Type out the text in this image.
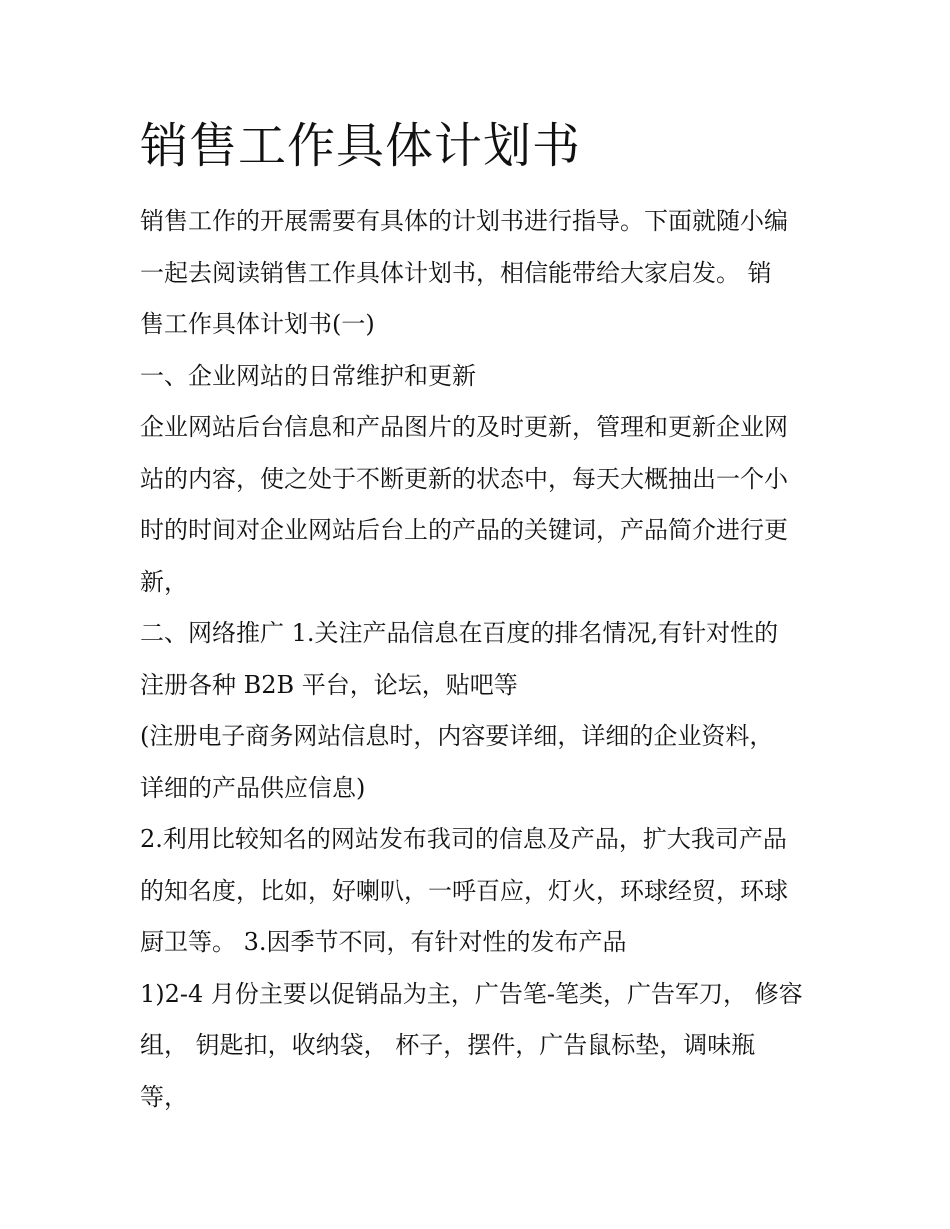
销售工作具体计划书
销售工作的开展需要有具体的计划书进行指导。下面就随小编
一起去阅读销售工作具体计划书，相信能带给大家启发。 销
售工作具体计划书(一)
一、企业网站的日常维护和更新
企业网站后台信息和产品图片的及时更新，管理和更新企业网
站的内容，使之处于不断更新的状态中，每天大概抽出一个小
时的时间对企业网站后台上的产品的关键词，产品简介进行更
新，
二、网络推广 1.关注产品信息在百度的排名情况,有针对性的
注册各种 B2B 平台，论坛，贴吧等
(注册电子商务网站信息时，内容要详细，详细的企业资料，
详细的产品供应信息)
2.利用比较知名的网站发布我司的信息及产品，扩大我司产品
的知名度，比如，好喇叭，一呼百应，灯火，环球经贸，环球
厨卫等。 3.因季节不同，有针对性的发布产品
1)2-4 月份主要以促销品为主，广告笔-笔类，广告军刀， 修容
组， 钥匙扣，收纳袋， 杯子，摆件，广告鼠标垫，调味瓶
等，
